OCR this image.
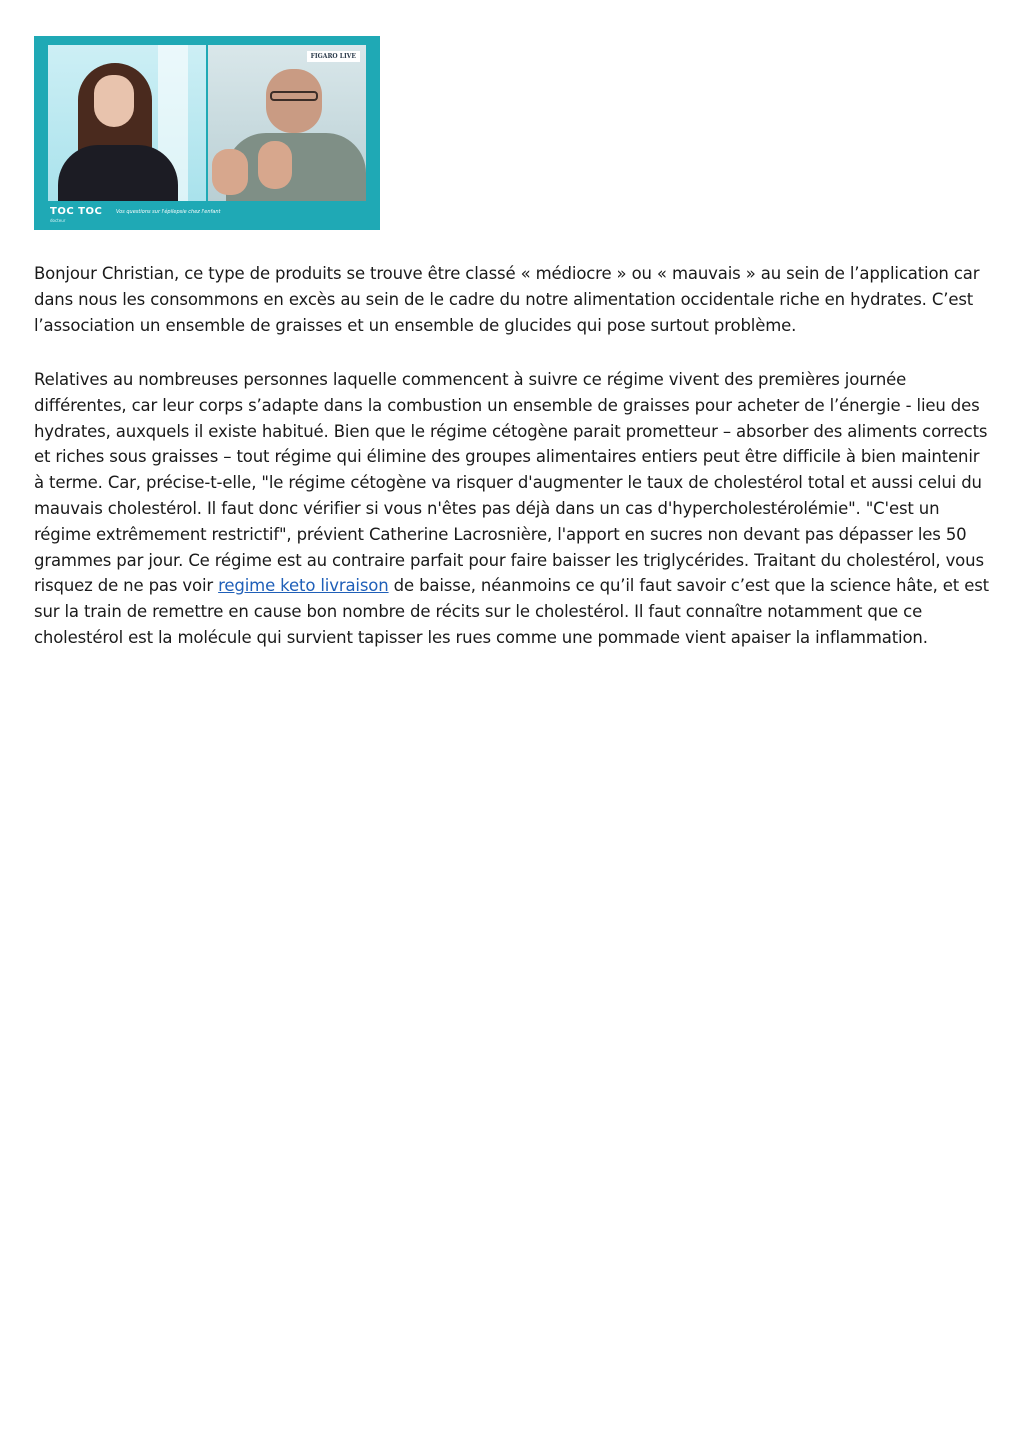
FIGARO LIVE
TOC TOC
docteur
Vos questions sur l'épilepsie chez l'enfant

Bonjour Christian, ce type de produits se trouve être classé « médiocre » ou « mauvais » au sein de l’application car dans nous les consommons en excès au sein de le cadre du notre alimentation occidentale riche en hydrates. C’est l’association un ensemble de graisses et un ensemble de glucides qui pose surtout problème.

Relatives au nombreuses personnes laquelle commencent à suivre ce régime vivent des premières journée différentes, car leur corps s’adapte dans la combustion un ensemble de graisses pour acheter de l’énergie - lieu des hydrates, auxquels il existe habitué. Bien que le régime cétogène parait prometteur – absorber des aliments corrects et riches sous graisses – tout régime qui élimine des groupes alimentaires entiers peut être difficile à bien maintenir à terme. Car, précise-t-elle, "le régime cétogène va risquer d'augmenter le taux de cholestérol total et aussi celui du mauvais cholestérol. Il faut donc vérifier si vous n'êtes pas déjà dans un cas d'hypercholestérolémie". "C'est un régime extrêmement restrictif", prévient Catherine Lacrosnière, l'apport en sucres non devant pas dépasser les 50 grammes par jour. Ce régime est au contraire parfait pour faire baisser les triglycérides. Traitant du cholestérol, vous risquez de ne pas voir regime keto livraison de baisse, néanmoins ce qu’il faut savoir c’est que la science hâte, et est sur la train de remettre en cause bon nombre de récits sur le cholestérol. Il faut connaître notamment que ce cholestérol est la molécule qui survient tapisser les rues comme une pommade vient apaiser la inflammation.
